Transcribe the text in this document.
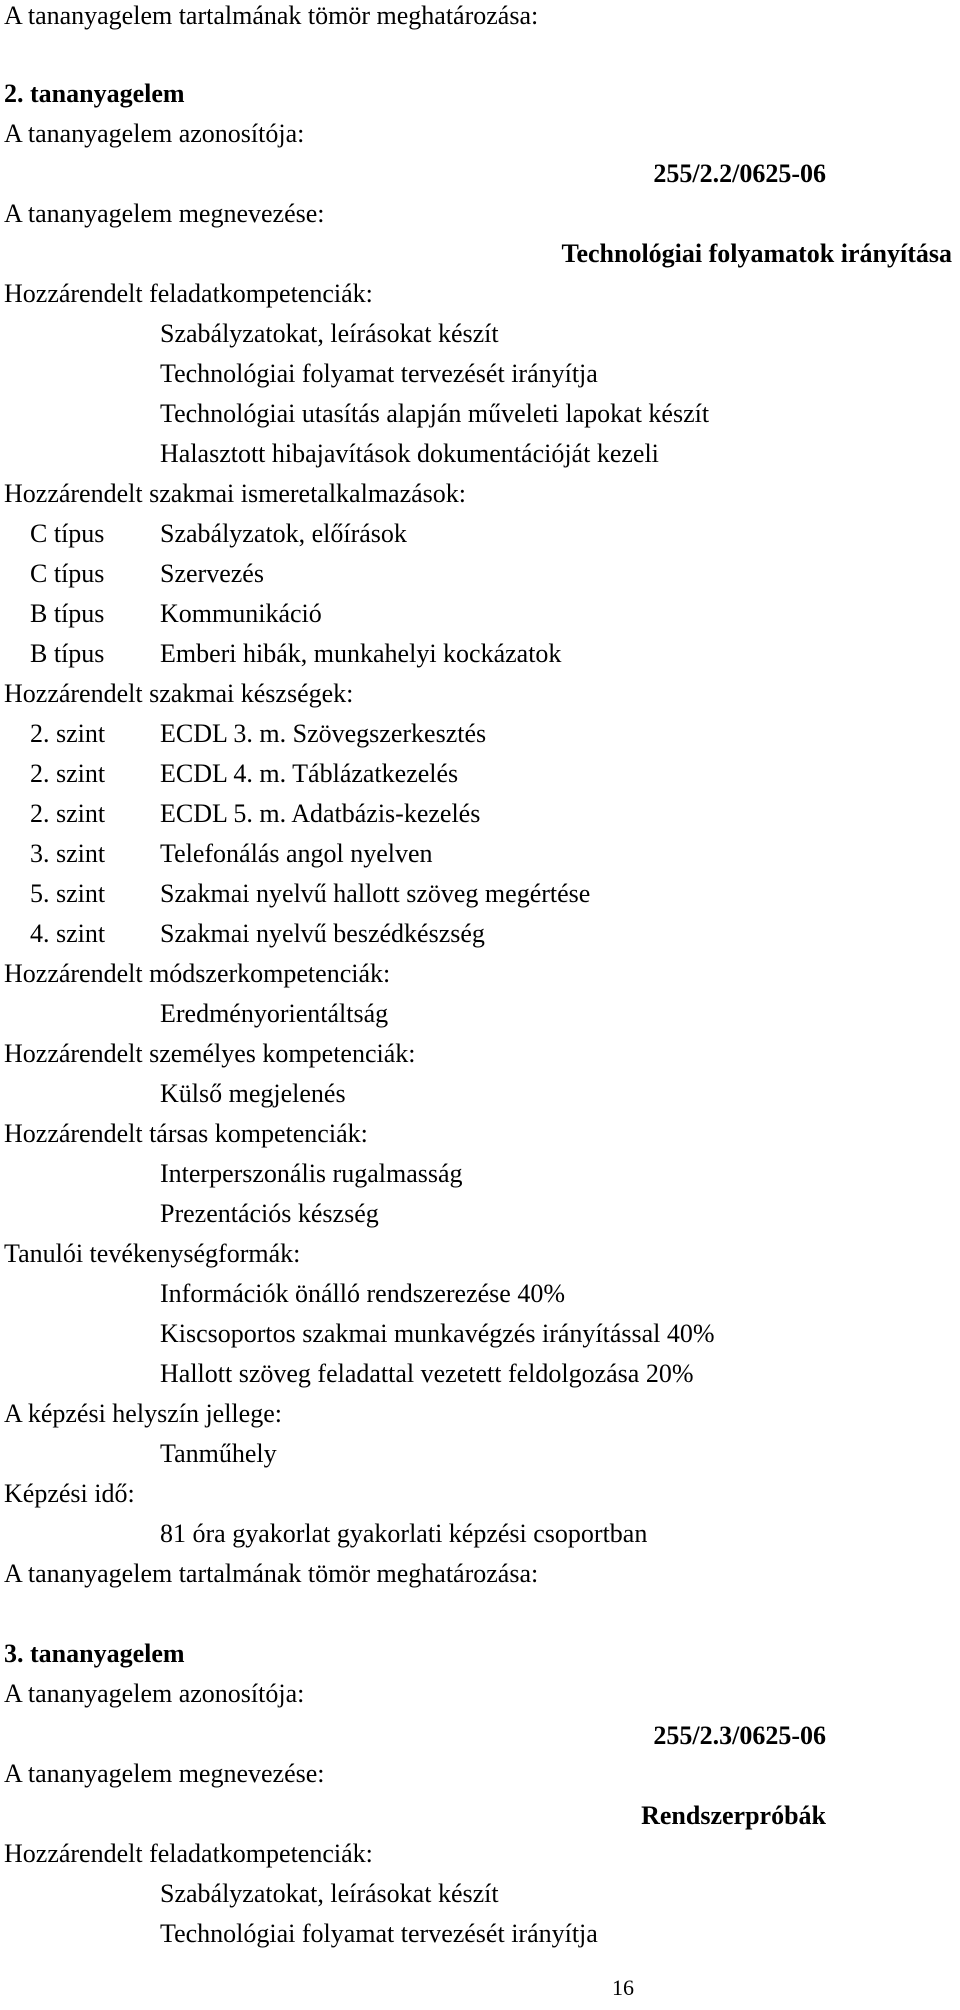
A tananyagelem tartalmának tömör meghatározása:
2. tananyagelem
A tananyagelem azonosítója:
255/2.2/0625-06
A tananyagelem megnevezése:
Technológiai folyamatok irányítása
Hozzárendelt feladatkompetenciák:
Szabályzatokat, leírásokat készít
Technológiai folyamat tervezését irányítja
Technológiai utasítás alapján műveleti lapokat készít
Halasztott hibajavítások dokumentációját kezeli
Hozzárendelt szakmai ismeretalkalmazások:
C típus Szabályzatok, előírások
C típus Szervezés
B típus Kommunikáció
B típus Emberi hibák, munkahelyi kockázatok
Hozzárendelt szakmai készségek:
2. szint ECDL 3. m. Szövegszerkesztés
2. szint ECDL 4. m. Táblázatkezelés
2. szint ECDL 5. m. Adatbázis-kezelés
3. szint Telefonálás angol nyelven
5. szint Szakmai nyelvű hallott szöveg megértése
4. szint Szakmai nyelvű beszédkészség
Hozzárendelt módszerkompetenciák:
Eredményorientáltság
Hozzárendelt személyes kompetenciák:
Külső megjelenés
Hozzárendelt társas kompetenciák:
Interperszonális rugalmasság
Prezentációs készség
Tanulói tevékenységformák:
Információk önálló rendszerezése 40%
Kiscsoportos szakmai munkavégzés irányítással 40%
Hallott szöveg feladattal vezetett feldolgozása 20%
A képzési helyszín jellege:
Tanműhely
Képzési idő:
81 óra gyakorlat gyakorlati képzési csoportban
A tananyagelem tartalmának tömör meghatározása:
3. tananyagelem
A tananyagelem azonosítója:
255/2.3/0625-06
A tananyagelem megnevezése:
Rendszerpróbák
Hozzárendelt feladatkompetenciák:
Szabályzatokat, leírásokat készít
Technológiai folyamat tervezését irányítja
16
